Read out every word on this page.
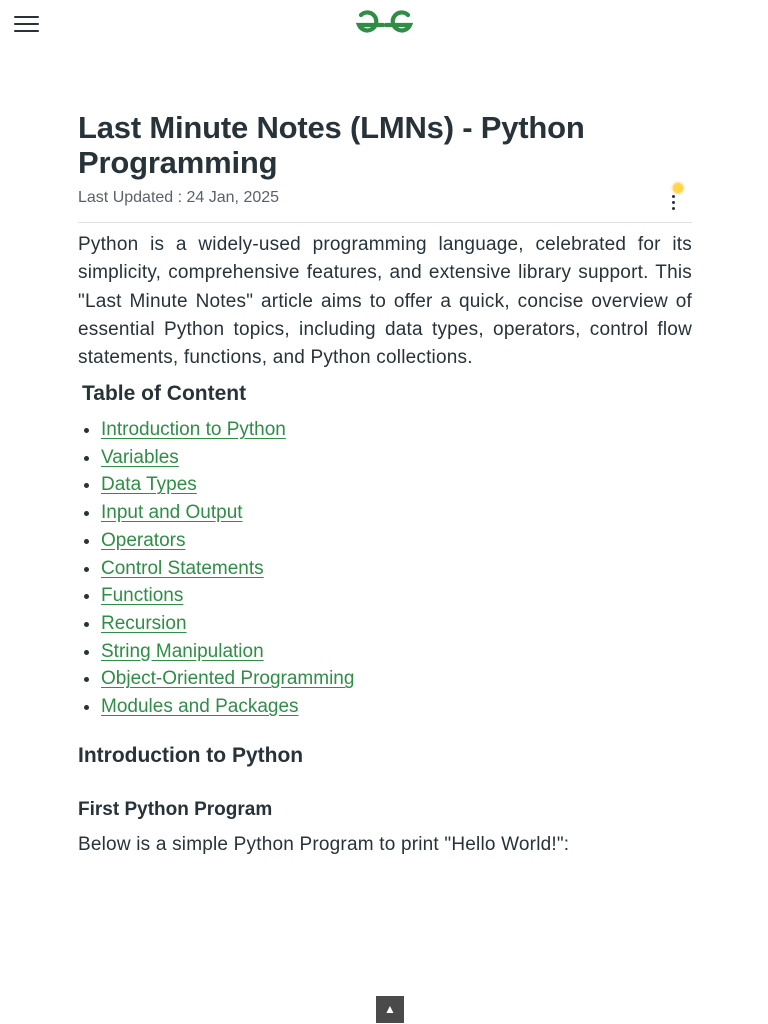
Last Minute Notes (LMNs) - Python Programming
Last Updated : 24 Jan, 2025

Python is a widely-used programming language, celebrated for its simplicity, comprehensive features, and extensive library support. This "Last Minute Notes" article aims to offer a quick, concise overview of essential Python topics, including data types, operators, control flow statements, functions, and Python collections.

Table of Content
• Introduction to Python
• Variables
• Data Types
• Input and Output
• Operators
• Control Statements
• Functions
• Recursion
• String Manipulation
• Object-Oriented Programming
• Modules and Packages
Introduction to Python
First Python Program

Below is a simple Python Program to print "Hello World!":

▲
